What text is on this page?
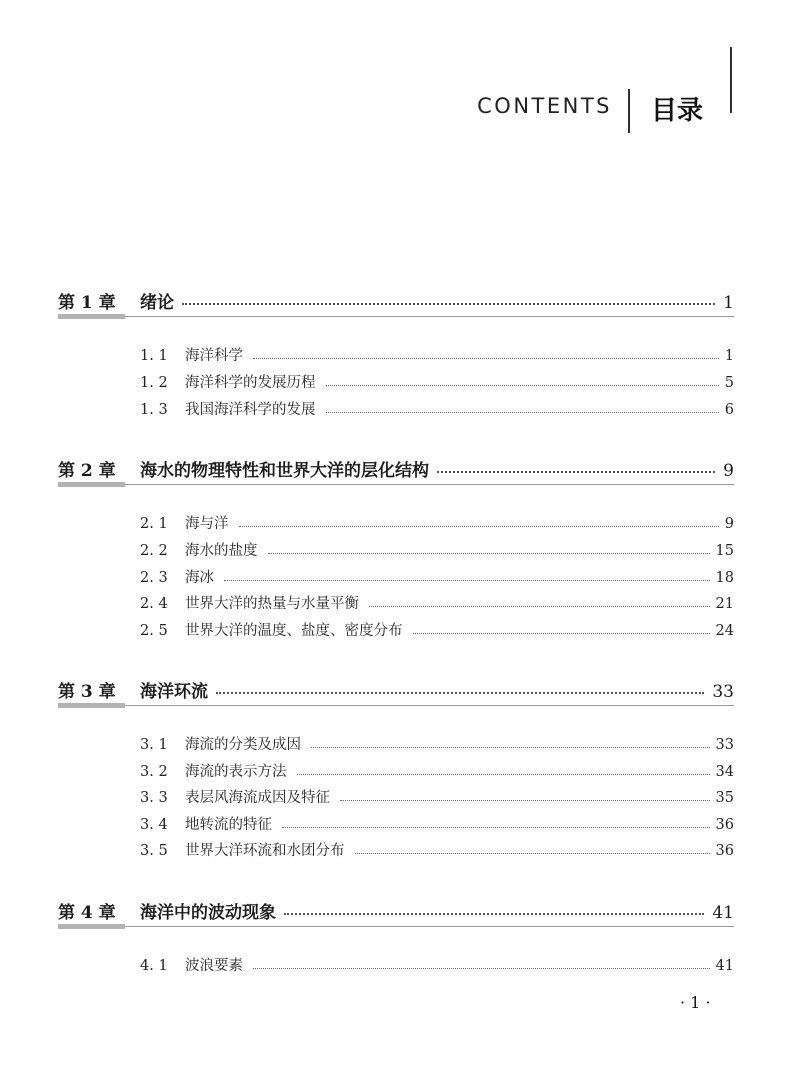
CONTENTS 目录
第 1 章	绪论	1
1. 1	海洋科学	1
1. 2	海洋科学的发展历程	5
1. 3	我国海洋科学的发展	6
第 2 章	海水的物理特性和世界大洋的层化结构	9
2. 1	海与洋	9
2. 2	海水的盐度	15
2. 3	海冰	18
2. 4	世界大洋的热量与水量平衡	21
2. 5	世界大洋的温度、盐度、密度分布	24
第 3 章	海洋环流	33
3. 1	海流的分类及成因	33
3. 2	海流的表示方法	34
3. 3	表层风海流成因及特征	35
3. 4	地转流的特征	36
3. 5	世界大洋环流和水团分布	36
第 4 章	海洋中的波动现象	41
4. 1	波浪要素	41
· 1 ·
